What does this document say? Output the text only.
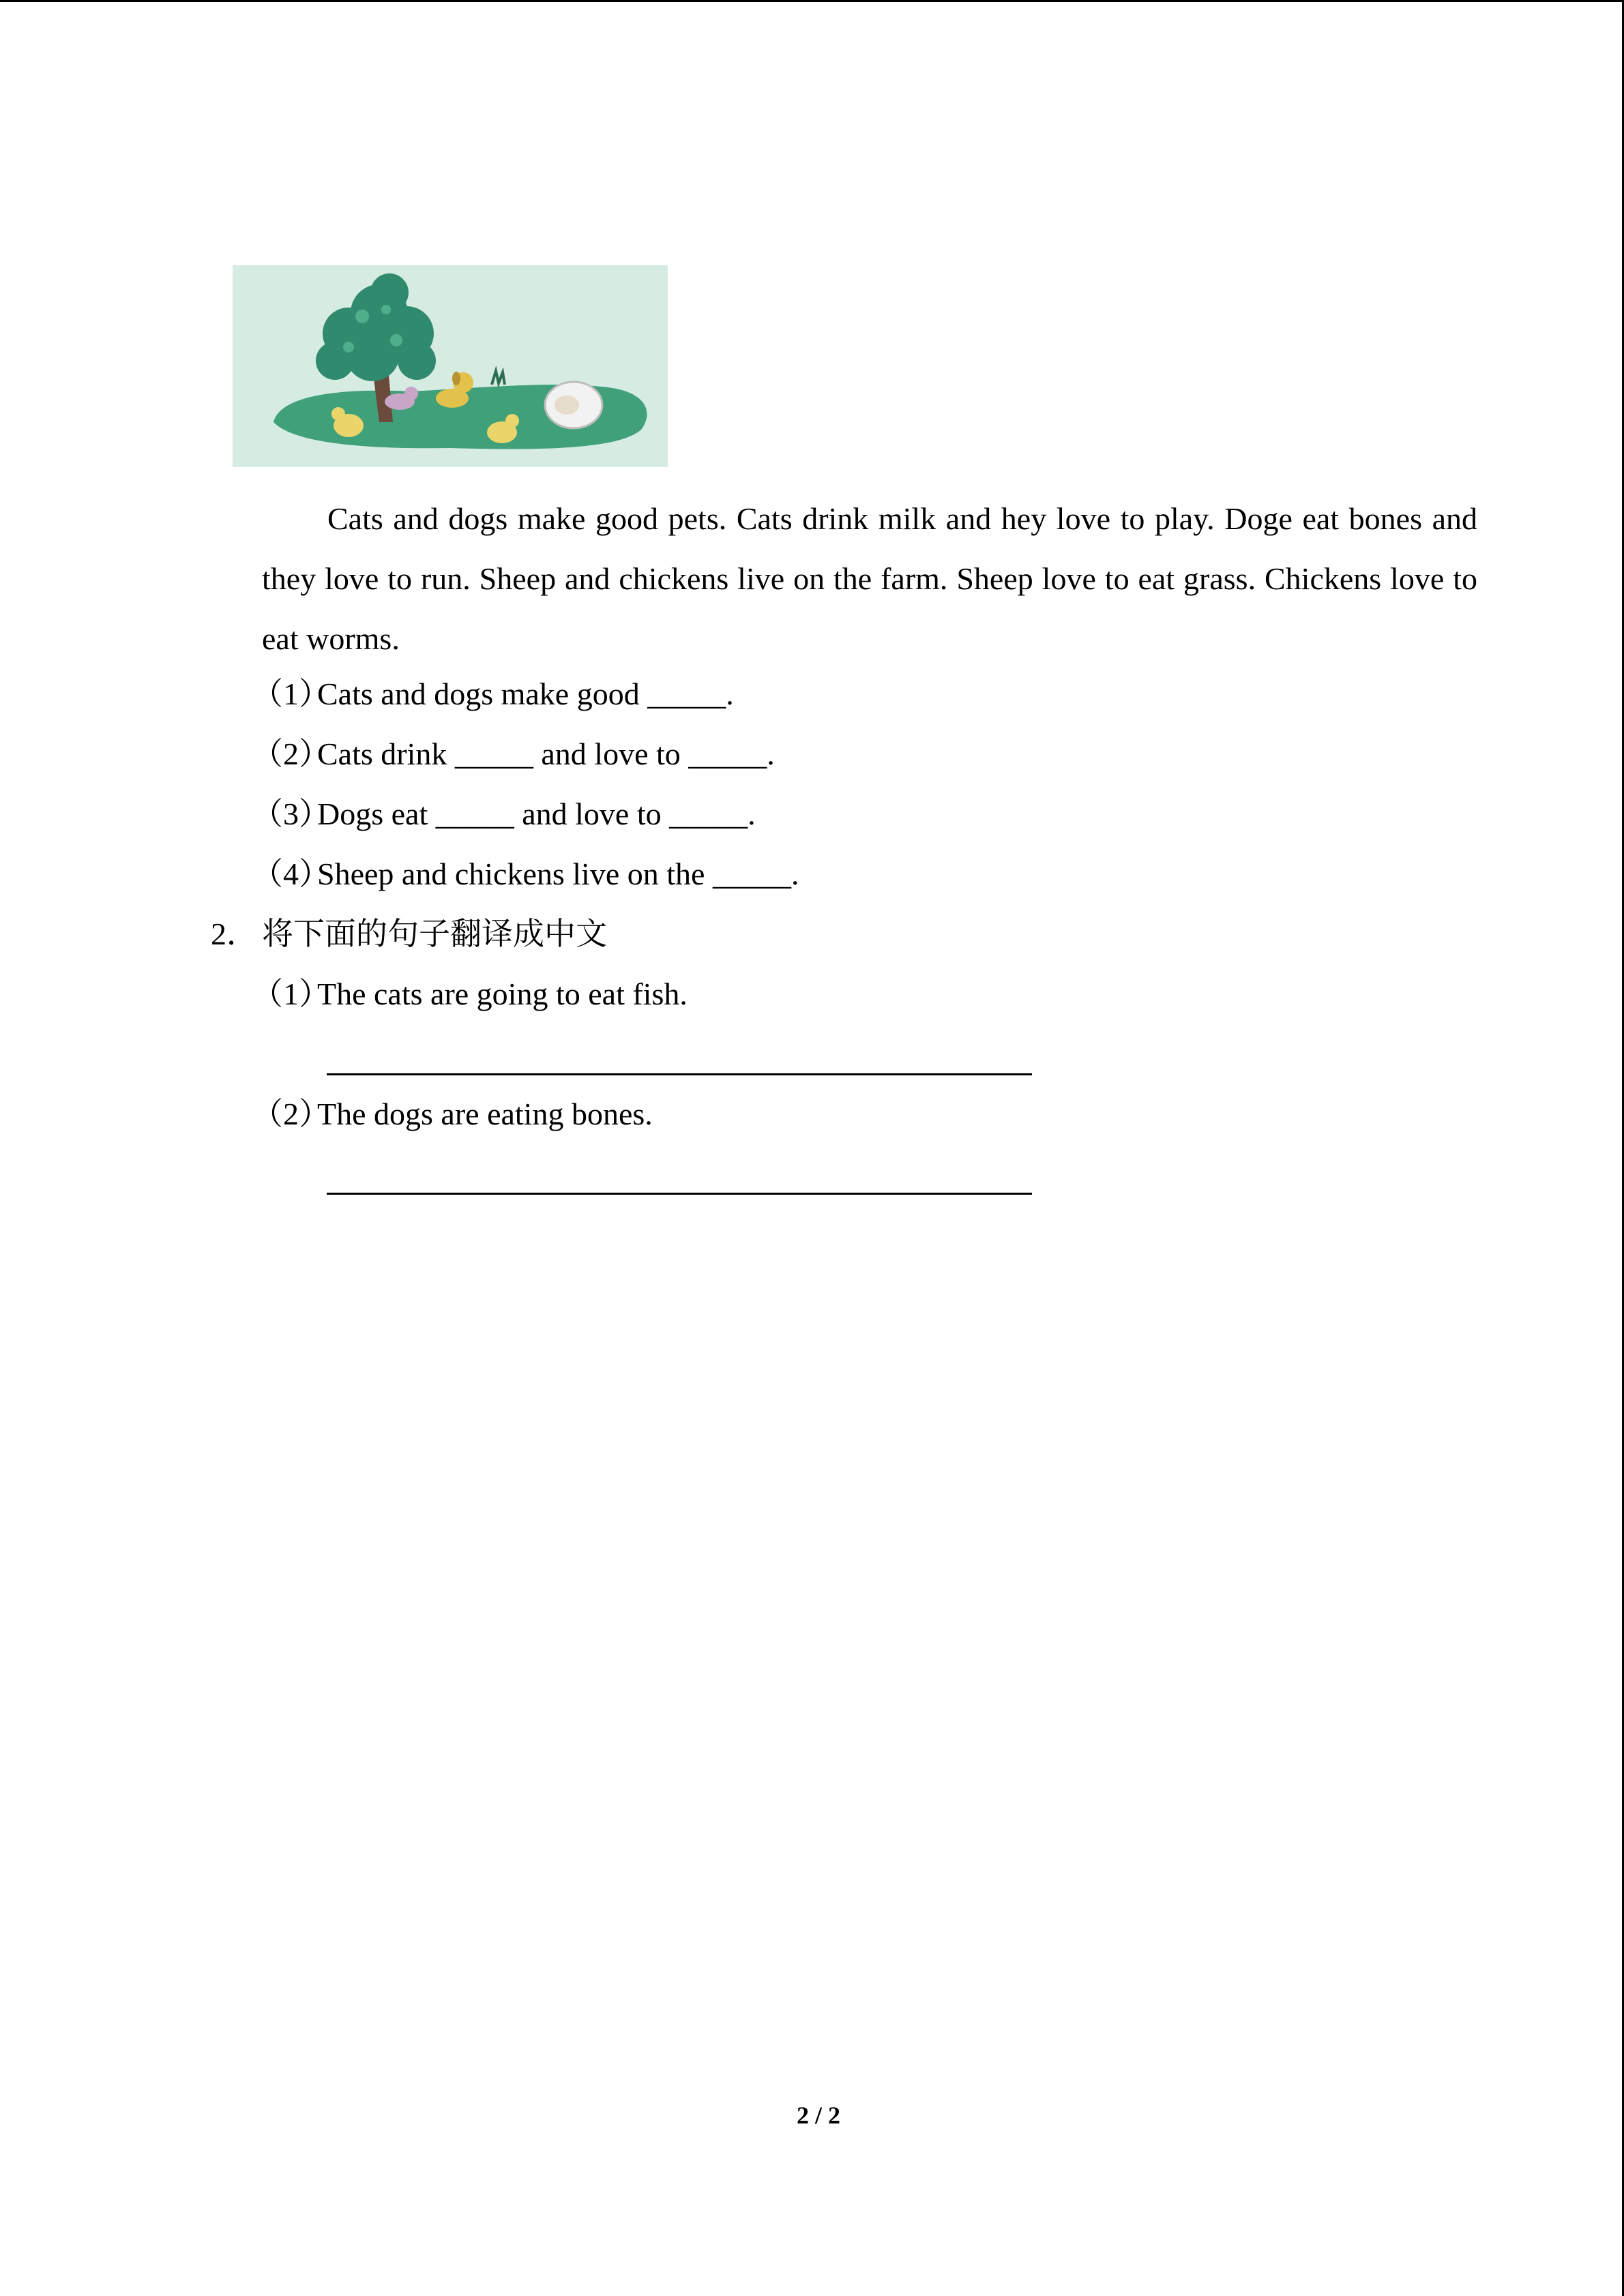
Cats and dogs make good pets. Cats drink milk and hey love to play. Doge eat bones and they love to run. Sheep and chickens live on the farm. Sheep love to eat grass. Chickens love to eat worms.
（1）Cats and dogs make good _____.
（2）Cats drink _____ and love to _____.
（3）Dogs eat _____ and love to _____.
（4）Sheep and chickens live on the _____.
2． 将下面的句子翻译成中文
（1）The cats are going to eat fish.
（2）The dogs are eating bones.
2 / 2
